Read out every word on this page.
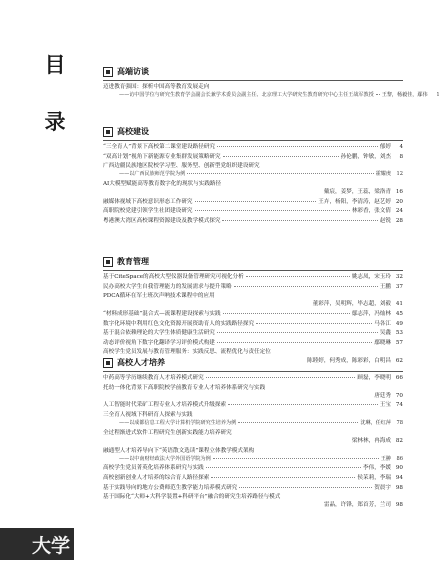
目
录
大学
高端访谈
迈进教育强国：探析中国高等教育发展走向
——访中国学位与研究生教育学会副会长兼学术委员会副主任、北京理工大学研究生教育研究中心主任王战军教授 王黎，杨毅佳，鄢伟	1
高校建设
“三全育人”背景下高校第二课堂建设路径研究	郁婷	4
“双高计划”视角下新能源专业集群发展策略研究	孙伦鹏，钟敏，刘杰	8
广西边疆民族地区院校学习型、服务型、创新型党组织建设研究
——以广西民族师范学院为例	霍耀虔	12
AI大模型赋能高等教育数字化的现状与实践路径
戴宸，姜梦，王蕊，梁洛青 16
融媒体视域下高校意识形态工作研究	王卉，杨阳，李清涛，赵艺婷 20
高职院校党建引领学生社团建设研究	林彩香，张文倩 24
粤港澳大湾区高校课程资源建设及教学模式探究	赵锐 28
教育管理
基于CiteSpace的高校大型仪器设备管理研究可视化分析	姚志凤，宋玉玲 32
民办高校大学生自我管理能力的发展需求与提升策略	王鹏 37
PDCA循环在军士班次声呐技术课程中的应用
董彩萍，吴明辉，毕志超，刘毅 41
“材料成形基础”混合式—流课程建设探索与实践	鄢志萍，冯灿林 45
数字化环境中利用红色文化资源开展资助育人的实践路径探究	马各江 49
基于混合依赖理论的大学生体质健康生活研究	吴鑫 53
动态评价视角下数字化翻译学习评价模式构建	鄢晓琳 57
高校学生党员发展与教育管理服务：实践反思、流程优化与责任定位
陈睦婷，何秀成，陈彩彩，白明昌 62
高校人才培养
中药高等学历继续教育人才培养模式研究	顾磊，李晓明 66
托幼一体化背景下高职院校学前教育专业人才培养体系研究与实践
唐廷秀 70
人工智能时代采矿工程专业人才培养模式升级探索	王宝 74
三全育人视域下科研育人探索与实践
——以成都信息工程大学计算机学院研究生培养为例	沈琳，任红萍	78
全过程渐进式软件工程研究生创新实践能力培养研究
梁林林，冉海成 82
融通型人才培养导向下“英语散文选读”课程立体教学模式架构
——以中南财经政法大学外国语学院为例	王翀	86
高校学生党员菁英化培养体系研究与实践	李伟，李媛 90
高校创新创业人才培养的综合育人路径探索	侯茉莉，李瑞 94
基于实践导向的地方公费师范生教学能力培养模式研究	贺晨宇 98
基于国际化“大师+大科学装置+科研平台”融合的研究生培养路径与模式
雷晶，许锋，郑首芳，兰司 98
